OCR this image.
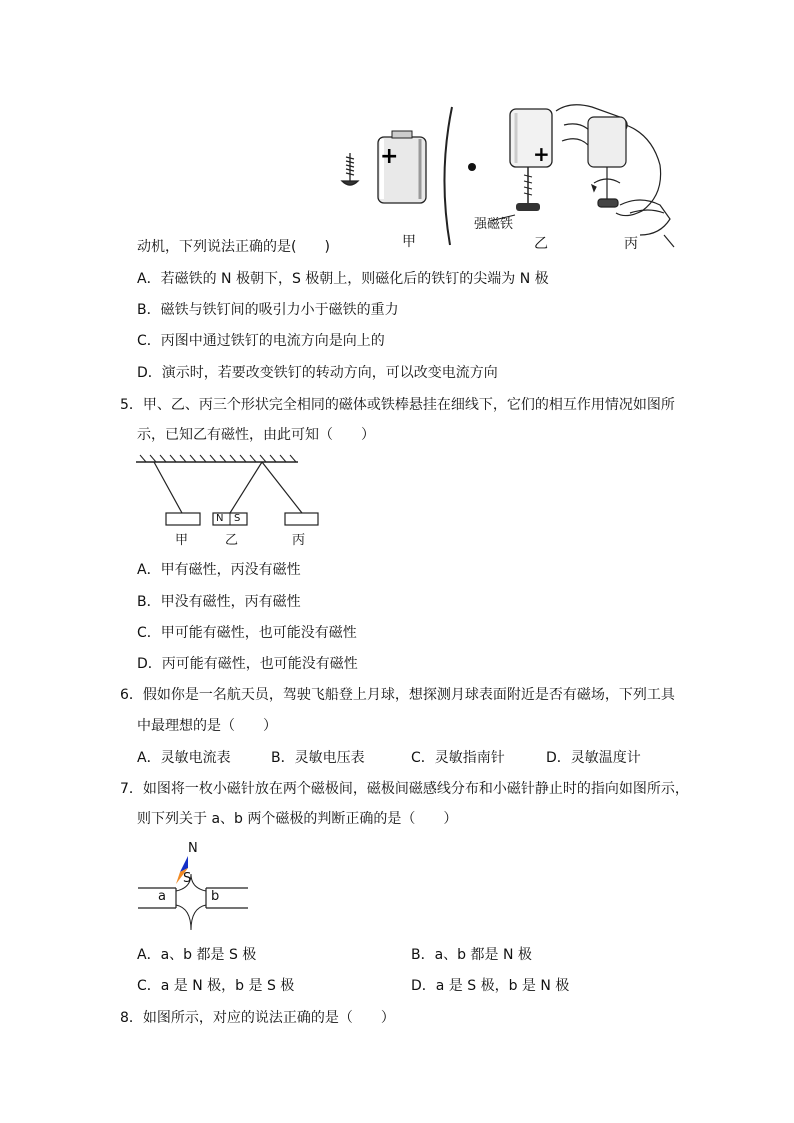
+	+
甲
强磁铁
乙	丙
动机，下列说法正确的是(　　)
A．若磁铁的 N 极朝下，S 极朝上，则磁化后的铁钉的尖端为 N 极
B．磁铁与铁钉间的吸引力小于磁铁的重力
C．丙图中通过铁钉的电流方向是向上的
D．演示时，若要改变铁钉的转动方向，可以改变电流方向
5．甲、乙、丙三个形状完全相同的磁体或铁棒悬挂在细线下，它们的相互作用情况如图所
示，已知乙有磁性，由此可知（　　）
N S
甲	乙	丙
A．甲有磁性，丙没有磁性
B．甲没有磁性，丙有磁性
C．甲可能有磁性，也可能没有磁性
D．丙可能有磁性，也可能没有磁性
6．假如你是一名航天员，驾驶飞船登上月球，想探测月球表面附近是否有磁场，下列工具
中最理想的是（　　）
A．灵敏电流表	B．灵敏电压表	C．灵敏指南针	D．灵敏温度计
7．如图将一枚小磁针放在两个磁极间，磁极间磁感线分布和小磁针静止时的指向如图所示，
则下列关于 a、b 两个磁极的判断正确的是（　　）
N
S
a	b
A．a、b 都是 S 极	B．a、b 都是 N 极
C．a 是 N 极，b 是 S 极	D．a 是 S 极，b 是 N 极
8．如图所示，对应的说法正确的是（　　）
